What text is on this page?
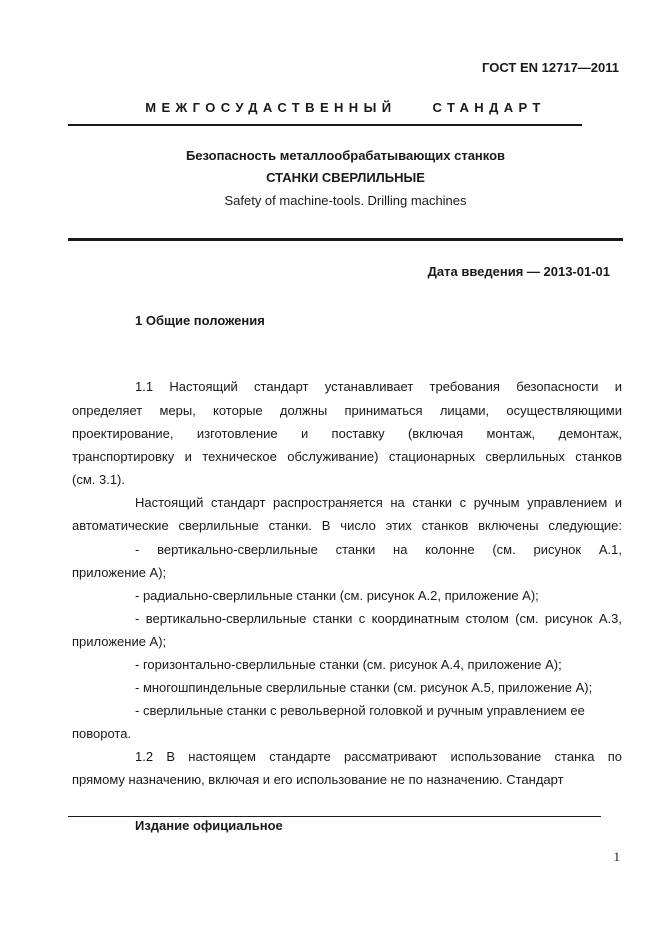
ГОСТ EN 12717—2011
МЕЖГОСУДАСТВЕННЫЙ    СТАНДАРТ
Безопасность металлообрабатывающих станков
СТАНКИ СВЕРЛИЛЬНЫЕ
Safety of machine-tools. Drilling machines
Дата введения — 2013-01-01
1 Общие положения
1.1 Настоящий стандарт устанавливает требования безопасности и
определяет меры, которые должны приниматься лицами, осуществляющими
проектирование, изготовление и поставку (включая монтаж, демонтаж,
транспортировку и техническое обслуживание) стационарных сверлильных станков
(см. 3.1).
Настоящий стандарт распространяется на станки с ручным управлением и
автоматические сверлильные станки. В число этих станков включены следующие:
- вертикально-сверлильные станки на колонне (см. рисунок А.1,
приложение А);
- радиально-сверлильные станки (см. рисунок А.2, приложение А);
- вертикально-сверлильные станки с координатным столом (см. рисунок А.3,
приложение А);
- горизонтально-сверлильные станки (см. рисунок А.4, приложение А);
- многошпиндельные сверлильные станки (см. рисунок А.5, приложение А);
- сверлильные станки с револьверной головкой и ручным управлением ее
поворота.
1.2 В настоящем стандарте рассматривают использование станка по
прямому назначению, включая и его использование не по назначению. Стандарт
Издание официальное
1
